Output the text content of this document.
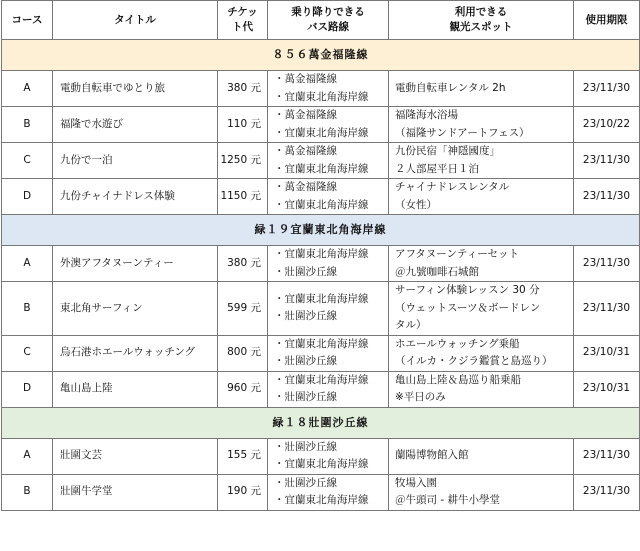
コース	タイトル	チケッ
ト代	乗り降りできる
バス路線	利用できる
観光スポット	使用期限
８５６萬金福隆線					
A	電動自転車でゆとり旅	380 元	・萬金福隆線
・宜蘭東北角海岸線	電動自転車レンタル 2h	23/11/30
B	福隆で水遊び	110 元	・萬金福隆線
・宜蘭東北角海岸線	福隆海水浴場
（福隆サンドアートフェス）	23/10/22
C	九份で一泊	1250 元	・萬金福隆線
・宜蘭東北角海岸線	九份民宿「神隱國度」
２人部屋平日１泊	23/11/30
D	九份チャイナドレス体験	1150 元	・萬金福隆線
・宜蘭東北角海岸線	チャイナドレスレンタル
（女性）	23/11/30
緑１９宜蘭東北角海岸線					
A	外澳アフタヌーンティー	380 元	・宜蘭東北角海岸線
・壯圍沙丘線	アフタヌーンティーセット
＠九號咖啡石城館	23/11/30
B	東北角サーフィン	599 元	・宜蘭東北角海岸線
・壯圍沙丘線	サーフィン体験レッスン 30 分
（ウェットスーツ＆ボードレン
タル）	23/11/30
C	烏石港ホエールウォッチング	800 元	・宜蘭東北角海岸線
・壯圍沙丘線	ホエールウォッチング乗船
（イルカ・クジラ鑑賞と島巡り）	23/10/31
D	亀山島上陸	960 元	・宜蘭東北角海岸線
・壯圍沙丘線	亀山島上陸＆島巡り船乗船
※平日のみ	23/10/31
緑１８壯圍沙丘線					
A	壯圍文芸	155 元	・壯圍沙丘線
・宜蘭東北角海岸線	蘭陽博物館入館	23/11/30
B	壯圍牛学堂	190 元	・壯圍沙丘線
・宜蘭東北角海岸線	牧場入園
＠牛頭司 - 耕牛小學堂	23/11/30
